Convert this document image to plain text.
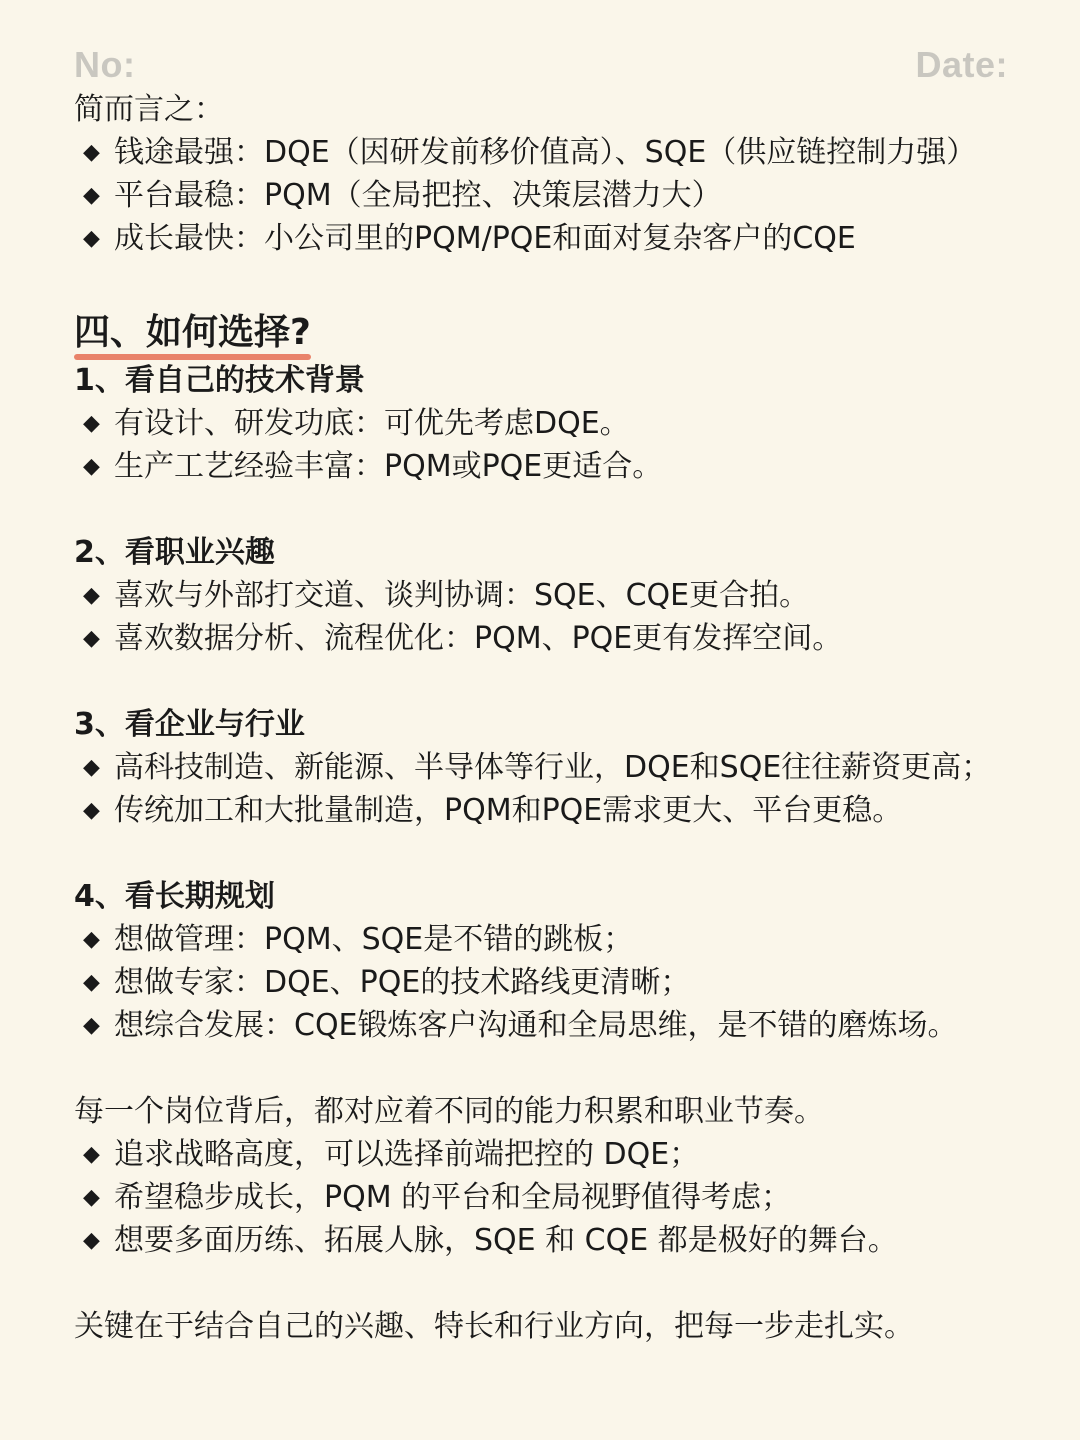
No:	Date:

简而言之：

◆ 钱途最强：DQE（因研发前移价值高）、SQE（供应链控制力强）
◆ 平台最稳：PQM（全局把控、决策层潜力大）
◆ 成长最快：小公司里的PQM/PQE和面对复杂客户的CQE
四、如何选择?
1、看自己的技术背景
◆ 有设计、研发功底：可优先考虑DQE。
◆ 生产工艺经验丰富：PQM或PQE更适合。
2、看职业兴趣
◆ 喜欢与外部打交道、谈判协调：SQE、CQE更合拍。
◆ 喜欢数据分析、流程优化：PQM、PQE更有发挥空间。
3、看企业与行业
◆ 高科技制造、新能源、半导体等行业，DQE和SQE往往薪资更高；
◆ 传统加工和大批量制造，PQM和PQE需求更大、平台更稳。
4、看长期规划
◆ 想做管理：PQM、SQE是不错的跳板；
◆ 想做专家：DQE、PQE的技术路线更清晰；
◆ 想综合发展：CQE锻炼客户沟通和全局思维，是不错的磨炼场。

每一个岗位背后，都对应着不同的能力积累和职业节奏。

◆ 追求战略高度，可以选择前端把控的 DQE；
◆ 希望稳步成长，PQM 的平台和全局视野值得考虑；
◆ 想要多面历练、拓展人脉，SQE 和 CQE 都是极好的舞台。

关键在于结合自己的兴趣、特长和行业方向，把每一步走扎实。
